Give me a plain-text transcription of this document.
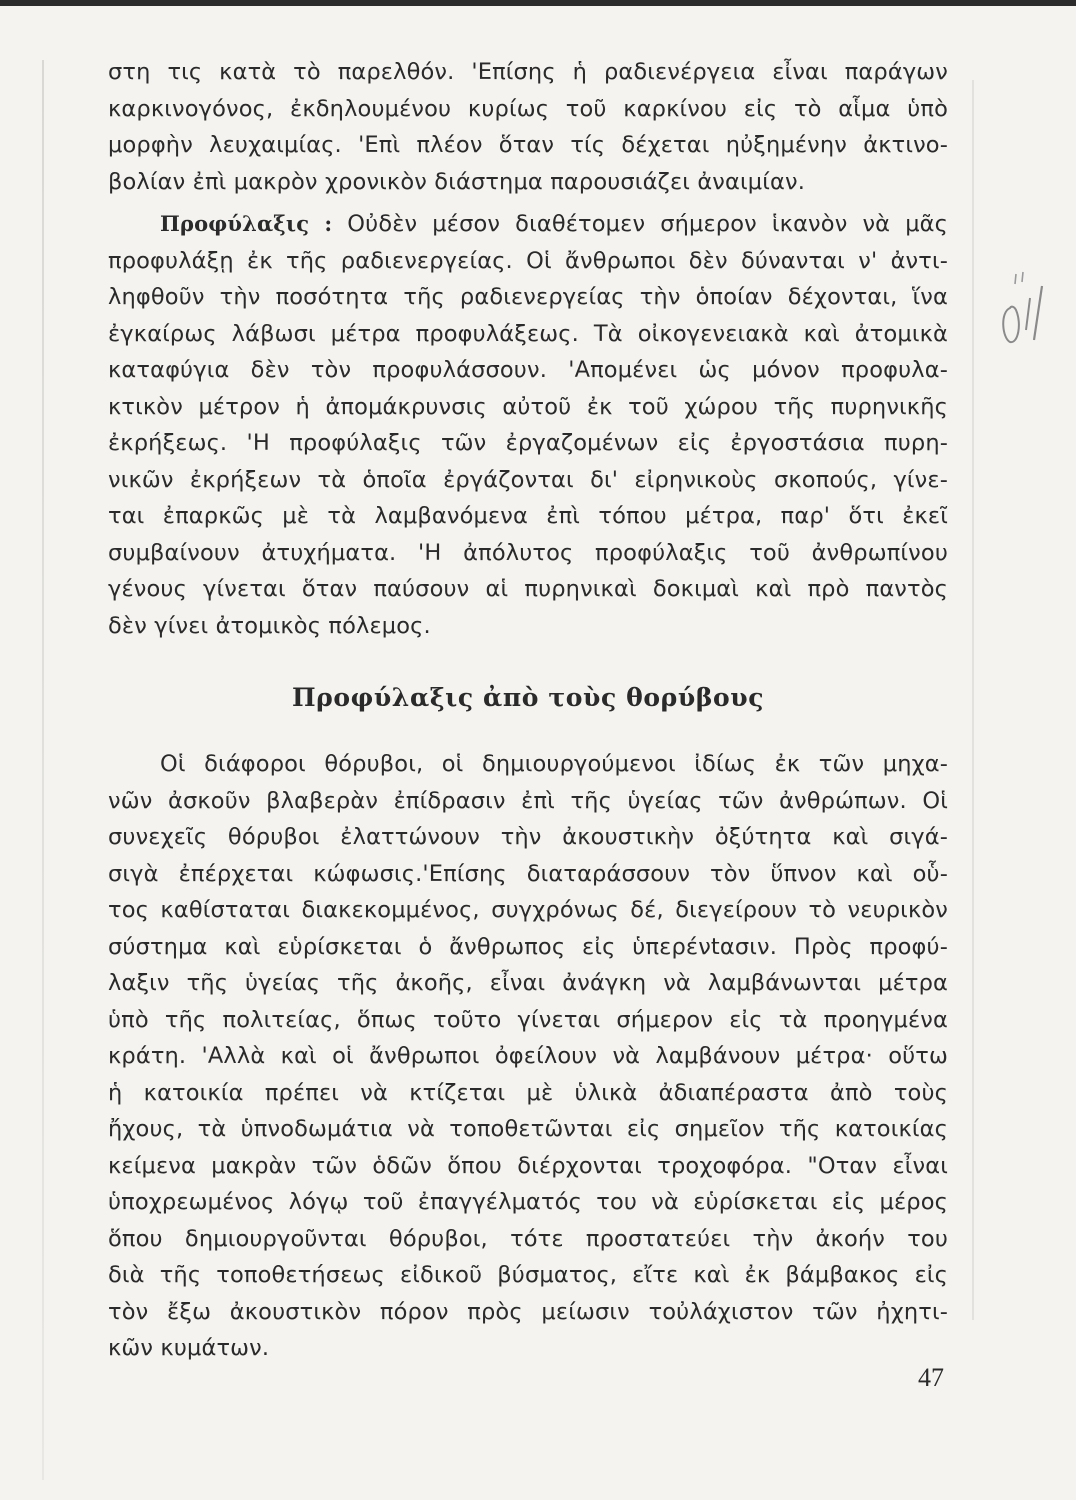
στη τις κατὰ τὸ παρελθόν. 'Επίσης ἡ ραδιενέργεια εἶναι παράγων
καρκινογόνος, ἐκδηλουμένου κυρίως τοῦ καρκίνου εἰς τὸ αἷμα ὑπὸ
μορφὴν λευχαιμίας. 'Επὶ πλέον ὅταν τίς δέχεται ηὐξημένην ἀκτινο-
βολίαν ἐπὶ μακρὸν χρονικὸν διάστημα παρουσιάζει ἀναιμίαν.
Προφύλαξις : Οὐδὲν μέσον διαθέτομεν σήμερον ἱκανὸν νὰ μᾶς
προφυλάξῃ ἐκ τῆς ραδιενεργείας. Οἱ ἄνθρωποι δὲν δύνανται ν' ἀντι-
ληφθοῦν τὴν ποσότητα τῆς ραδιενεργείας τὴν ὁποίαν δέχονται, ἵνα
ἐγκαίρως λάβωσι μέτρα προφυλάξεως. Τὰ οἰκογενειακὰ καὶ ἀτομικὰ
καταφύγια δὲν τὸν προφυλάσσουν. 'Απομένει ὡς μόνον προφυλα-
κτικὸν μέτρον ἡ ἀπομάκρυνσις αὐτοῦ ἐκ τοῦ χώρου τῆς πυρηνικῆς
ἐκρήξεως. 'Η προφύλαξις τῶν ἐργαζομένων εἰς ἐργοστάσια πυρη-
νικῶν ἐκρήξεων τὰ ὁποῖα ἐργάζονται δι' εἰρηνικοὺς σκοπούς, γίνε-
ται ἐπαρκῶς μὲ τὰ λαμβανόμενα ἐπὶ τόπου μέτρα, παρ' ὅτι ἐκεῖ
συμβαίνουν ἀτυχήματα. 'Η ἀπόλυτος προφύλαξις τοῦ ἀνθρωπίνου
γένους γίνεται ὅταν παύσουν αἱ πυρηνικαὶ δοκιμαὶ καὶ πρὸ παντὸς
δὲν γίνει ἀτομικὸς πόλεμος.
Προφύλαξις ἀπὸ τοὺς θορύβους
Οἱ διάφοροι θόρυβοι, οἱ δημιουργούμενοι ἰδίως ἐκ τῶν μηχα-
νῶν ἀσκοῦν βλαβερὰν ἐπίδρασιν ἐπὶ τῆς ὑγείας τῶν ἀνθρώπων. Οἱ
συνεχεῖς θόρυβοι ἐλαττώνουν τὴν ἀκουστικὴν ὀξύτητα καὶ σιγά-
σιγὰ ἐπέρχεται κώφωσις.'Επίσης διαταράσσουν τὸν ὕπνον καὶ οὗ-
τος καθίσταται διακεκομμένος, συγχρόνως δέ, διεγείρουν τὸ νευρικὸν
σύστημα καὶ εὑρίσκεται ὁ ἄνθρωπος εἰς ὑπερένtασιν. Πρὸς προφύ-
λαξιν τῆς ὑγείας τῆς ἀκοῆς, εἶναι ἀνάγκη νὰ λαμβάνωνται μέτρα
ὑπὸ τῆς πολιτείας, ὅπως τοῦτο γίνεται σήμερον εἰς τὰ προηγμένα
κράτη. 'Αλλὰ καὶ οἱ ἄνθρωποι ὀφείλουν νὰ λαμβάνουν μέτρα· οὕτω
ἡ κατοικία πρέπει νὰ κτίζεται μὲ ὑλικὰ ἀδιαπέραστα ἀπὸ τοὺς
ἤχους, τὰ ὑπνοδωμάτια νὰ τοποθετῶνται εἰς σημεῖον τῆς κατοικίας
κείμενα μακρὰν τῶν ὁδῶν ὅπου διέρχονται τροχοφόρα. "Οταν εἶναι
ὑποχρεωμένος λόγῳ τοῦ ἐπαγγέλματός του νὰ εὑρίσκεται εἰς μέρος
ὅπου δημιουργοῦνται θόρυβοι, τότε προστατεύει τὴν ἀκοήν του
διὰ τῆς τοποθετήσεως εἰδικοῦ βύσματος, εἴτε καὶ ἐκ βάμβακος εἰς
τὸν ἔξω ἀκουστικὸν πόρον πρὸς μείωσιν τοὐλάχιστον τῶν ἠχητι-
κῶν κυμάτων.
47
